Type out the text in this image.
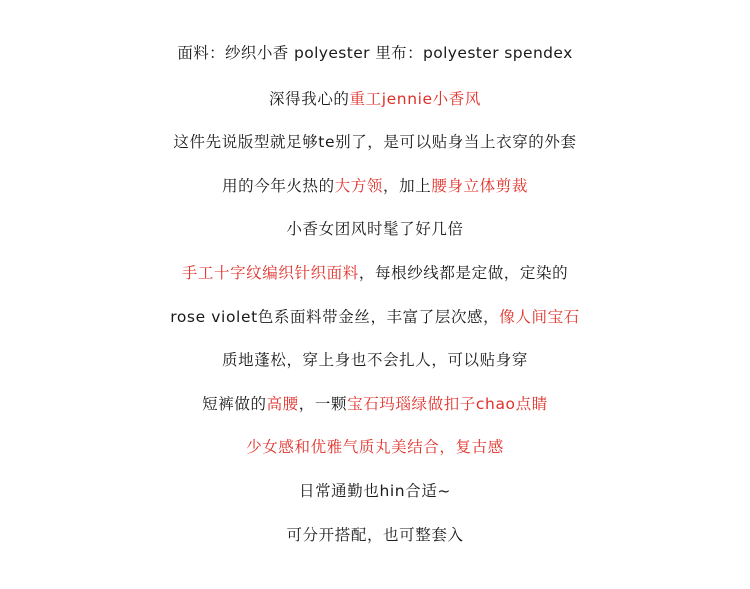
面料：纱织小香 polyester 里布：polyester spendex
深得我心的重工jennie小香风
这件先说版型就足够te别了，是可以贴身当上衣穿的外套
用的今年火热的大方领，加上腰身立体剪裁
小香女团风时髦了好几倍
手工十字纹编织针织面料，每根纱线都是定做，定染的
rose violet色系面料带金丝，丰富了层次感，像人间宝石
质地蓬松，穿上身也不会扎人，可以贴身穿
短裤做的高腰，一颗宝石玛瑙绿做扣子chao点睛
少女感和优雅气质丸美结合，复古感
日常通勤也hin合适~
可分开搭配，也可整套入
